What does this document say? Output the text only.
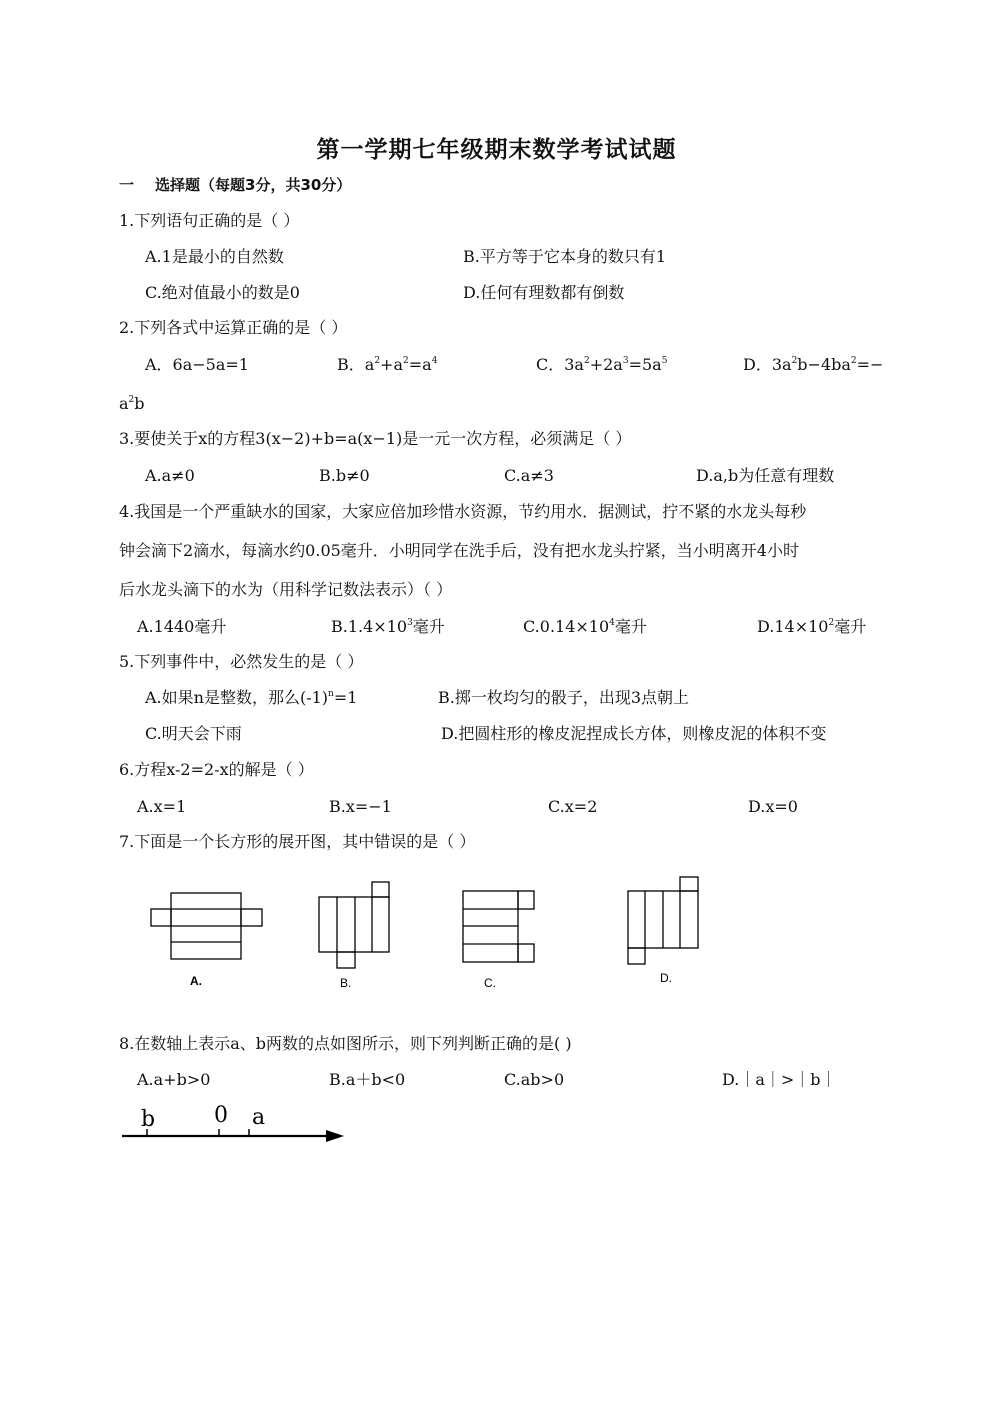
第一学期七年级期末数学考试试题
一 选择题（每题3分，共30分）
1.下列语句正确的是（ ）
A.1是最小的自然数	B.平方等于它本身的数只有1
C.绝对值最小的数是0	D.任何有理数都有倒数
2.下列各式中运算正确的是（ ）
A．6a−5a=1	B．$a^2+a^2=a^4$	C．$3a^2+2a^3=5a^5$	D．$3a^2b-4ba^2=-$
$a^2b$
3.要使关于x的方程3(x−2)+b=a(x−1)是一元一次方程，必须满足（ ）
A.a≠0	B.b≠0	C.a≠3	D.a,b为任意有理数
4.我国是一个严重缺水的国家，大家应倍加珍惜水资源，节约用水．据测试，拧不紧的水龙头每秒
钟会滴下2滴水，每滴水约0.05毫升．小明同学在洗手后，没有把水龙头拧紧，当小明离开4小时
后水龙头滴下的水为（用科学记数法表示）（ ）
A.1440毫升	$B.1.4\times 10^3$毫升	$C.0.14\times 10^4$毫升	$D.14\times 10^2$毫升
5.下列事件中，必然发生的是（ ）
A.如果n是整数，那么$(-1)^n=1$	B.掷一枚均匀的骰子，出现3点朝上
C.明天会下雨	D.把圆柱形的橡皮泥捏成长方体，则橡皮泥的体积不变
6.方程x-2=2-x的解是（ ）
A.x=1	B.x=−1	C.x=2	D.x=0
7.下面是一个长方形的展开图，其中错误的是（ ）
A.	B.	C.	D.
b	0 a
8.在数轴上表示a、b两数的点如图所示，则下列判断正确的是( )
A.a+b>0	B.a＋b<0	C.ab>0	D.｜a｜>｜b｜
